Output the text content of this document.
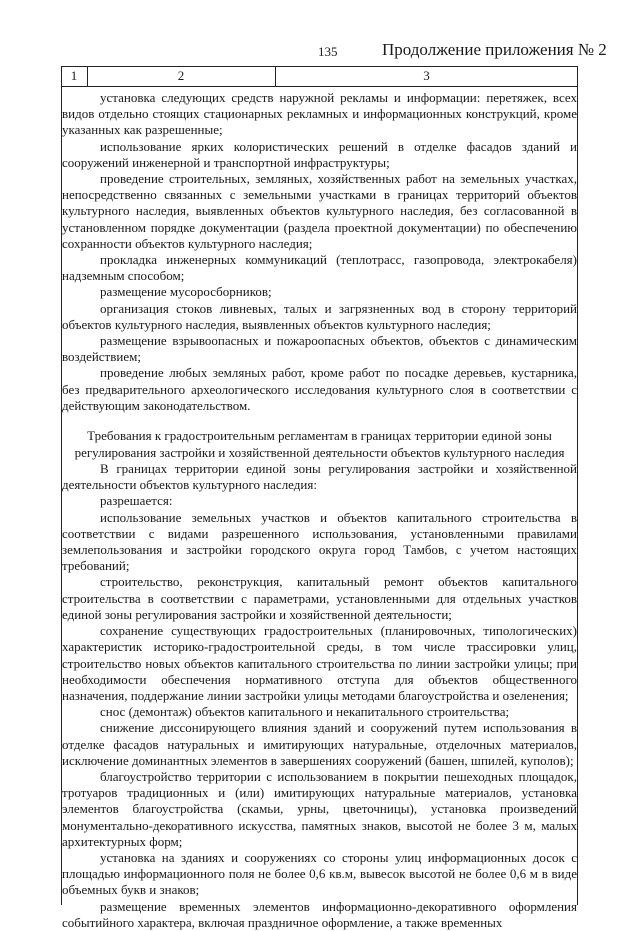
135	Продолжение приложения № 2
1	2	3

установка следующих средств наружной рекламы и информации: перетяжек, всех видов отдельно стоящих стационарных рекламных и информационных конструкций, кроме указанных как разрешенные;

использование ярких колористических решений в отделке фасадов зданий и сооружений инженерной и транспортной инфраструктуры;

проведение строительных, земляных, хозяйственных работ на земельных участках, непосредственно связанных с земельными участками в границах территорий объектов культурного наследия, выявленных объектов культурного наследия, без согласованной в установленном порядке документации (раздела проектной документации) по обеспечению сохранности объектов культурного наследия;

прокладка инженерных коммуникаций (теплотрасс, газопровода, электрокабеля) надземным способом;

размещение мусоросборников;

организация стоков ливневых, талых и загрязненных вод в сторону территорий объектов культурного наследия, выявленных объектов культурного наследия;

размещение взрывоопасных и пожароопасных объектов, объектов с динамическим воздействием;

проведение любых земляных работ, кроме работ по посадке деревьев, кустарника, без предварительного археологического исследования культурного слоя в соответствии с действующим законодательством.

Требования к градостроительным регламентам в границах территории единой зоны регулирования застройки и хозяйственной деятельности объектов культурного наследия

В границах территории единой зоны регулирования застройки и хозяйственной деятельности объектов культурного наследия:

разрешается:

использование земельных участков и объектов капитального строительства в соответствии с видами разрешенного использования, установленными правилами землепользования и застройки городского округа город Тамбов, с учетом настоящих требований;

строительство, реконструкция, капитальный ремонт объектов капитального строительства в соответствии с параметрами, установленными для отдельных участков единой зоны регулирования застройки и хозяйственной деятельности;

сохранение существующих градостроительных (планировочных, типологических) характеристик историко-градостроительной среды, в том числе трассировки улиц, строительство новых объектов капитального строительства по линии застройки улицы; при необходимости обеспечения нормативного отступа для объектов общественного назначения, поддержание линии застройки улицы методами благоустройства и озеленения;

снос (демонтаж) объектов капитального и некапитального строительства;

снижение диссонирующего влияния зданий и сооружений путем использования в отделке фасадов натуральных и имитирующих натуральные, отделочных материалов, исключение доминантных элементов в завершениях сооружений (башен, шпилей, куполов);

благоустройство территории с использованием в покрытии пешеходных площадок, тротуаров традиционных и (или) имитирующих натуральные материалов, установка элементов благоустройства (скамьи, урны, цветочницы), установка произведений монументально-декоративного искусства, памятных знаков, высотой не более 3 м, малых архитектурных форм;

установка на зданиях и сооружениях со стороны улиц информационных досок с площадью информационного поля не более 0,6 кв.м, вывесок высотой не более 0,6 м в виде объемных букв и знаков;

размещение временных элементов информационно-декоративного оформления событийного характера, включая праздничное оформление, а также временных
